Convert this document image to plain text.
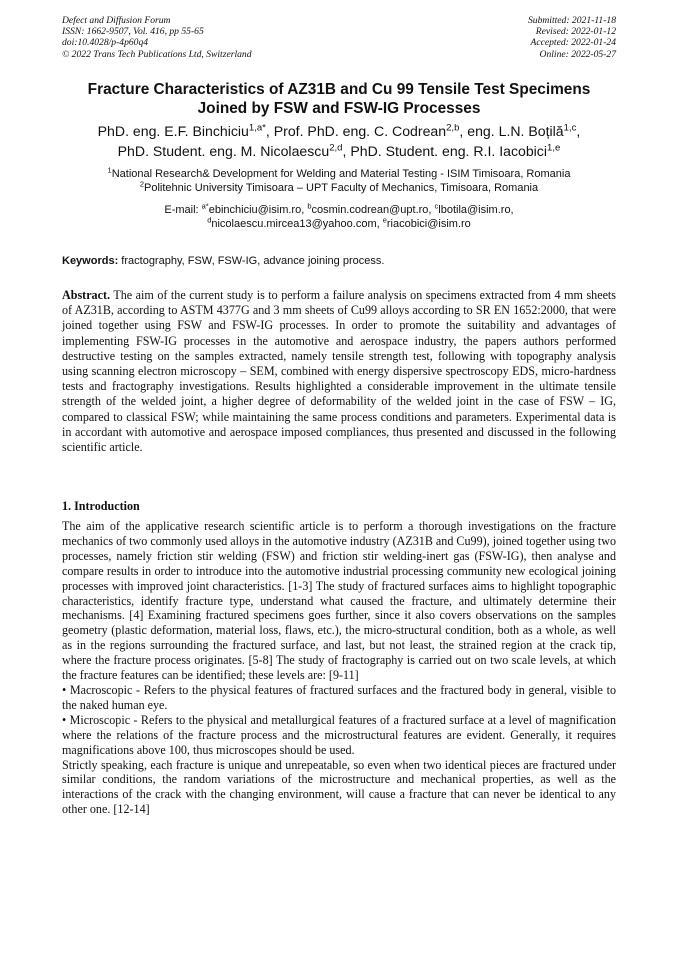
Defect and Diffusion Forum
ISSN: 1662-9507, Vol. 416, pp 55-65
doi:10.4028/p-4p60q4
© 2022 Trans Tech Publications Ltd, Switzerland
Submitted: 2021-11-18
Revised: 2022-01-12
Accepted: 2022-01-24
Online: 2022-05-27
Fracture Characteristics of AZ31B and Cu 99 Tensile Test Specimens
Joined by FSW and FSW-IG Processes
PhD. eng. E.F. Binchiciu$^{1,a*}$, Prof. PhD. eng. C. Codrean$^{2,b}$, eng. L.N. Boțilă$^{1,c}$,
PhD. Student. eng. M. Nicolaescu$^{2,d}$, PhD. Student. eng. R.I. Iacobici$^{1,e}$
$^1$National Research& Development for Welding and Material Testing - ISIM Timisoara, Romania
$^2$Politehnic University Timisoara – UPT Faculty of Mechanics, Timisoara, Romania
E-mail: $^{a*}$ebinchiciu@isim.ro, $^b$cosmin.codrean@upt.ro, $^c$lbotila@isim.ro,
$^d$nicolaescu.mircea13@yahoo.com, $^e$riacobici@isim.ro
Keywords: fractography, FSW, FSW-IG, advance joining process.
Abstract. The aim of the current study is to perform a failure analysis on specimens extracted from 4 mm sheets of AZ31B, according to ASTM 4377G and 3 mm sheets of Cu99 alloys according to SR EN 1652:2000, that were joined together using FSW and FSW-IG processes. In order to promote the suitability and advantages of implementing FSW-IG processes in the automotive and aerospace industry, the papers authors performed destructive testing on the samples extracted, namely tensile strength test, following with topography analysis using scanning electron microscopy – SEM, combined with energy dispersive spectroscopy EDS, micro-hardness tests and fractography investigations. Results highlighted a considerable improvement in the ultimate tensile strength of the welded joint, a higher degree of deformability of the welded joint in the case of FSW – IG, compared to classical FSW; while maintaining the same process conditions and parameters. Experimental data is in accordant with automotive and aerospace imposed compliances, thus presented and discussed in the following scientific article.
1. Introduction

The aim of the applicative research scientific article is to perform a thorough investigations on the fracture mechanics of two commonly used alloys in the automotive industry (AZ31B and Cu99), joined together using two processes, namely friction stir welding (FSW) and friction stir welding-inert gas (FSW-IG), then analyse and compare results in order to introduce into the automotive industrial processing community new ecological joining processes with improved joint characteristics. [1-3] The study of fractured surfaces aims to highlight topographic characteristics, identify fracture type, understand what caused the fracture, and ultimately determine their mechanisms. [4] Examining fractured specimens goes further, since it also covers observations on the samples geometry (plastic deformation, material loss, flaws, etc.), the micro-structural condition, both as a whole, as well as in the regions surrounding the fractured surface, and last, but not least, the strained region at the crack tip, where the fracture process originates. [5-8] The study of fractography is carried out on two scale levels, at which the fracture features can be identified; these levels are: [9-11]

• Macroscopic - Refers to the physical features of fractured surfaces and the fractured body in general, visible to the naked human eye.

• Microscopic - Refers to the physical and metallurgical features of a fractured surface at a level of magnification where the relations of the fracture process and the microstructural features are evident. Generally, it requires magnifications above 100, thus microscopes should be used.

Strictly speaking, each fracture is unique and unrepeatable, so even when two identical pieces are fractured under similar conditions, the random variations of the microstructure and mechanical properties, as well as the interactions of the crack with the changing environment, will cause a fracture that can never be identical to any other one. [12-14]
